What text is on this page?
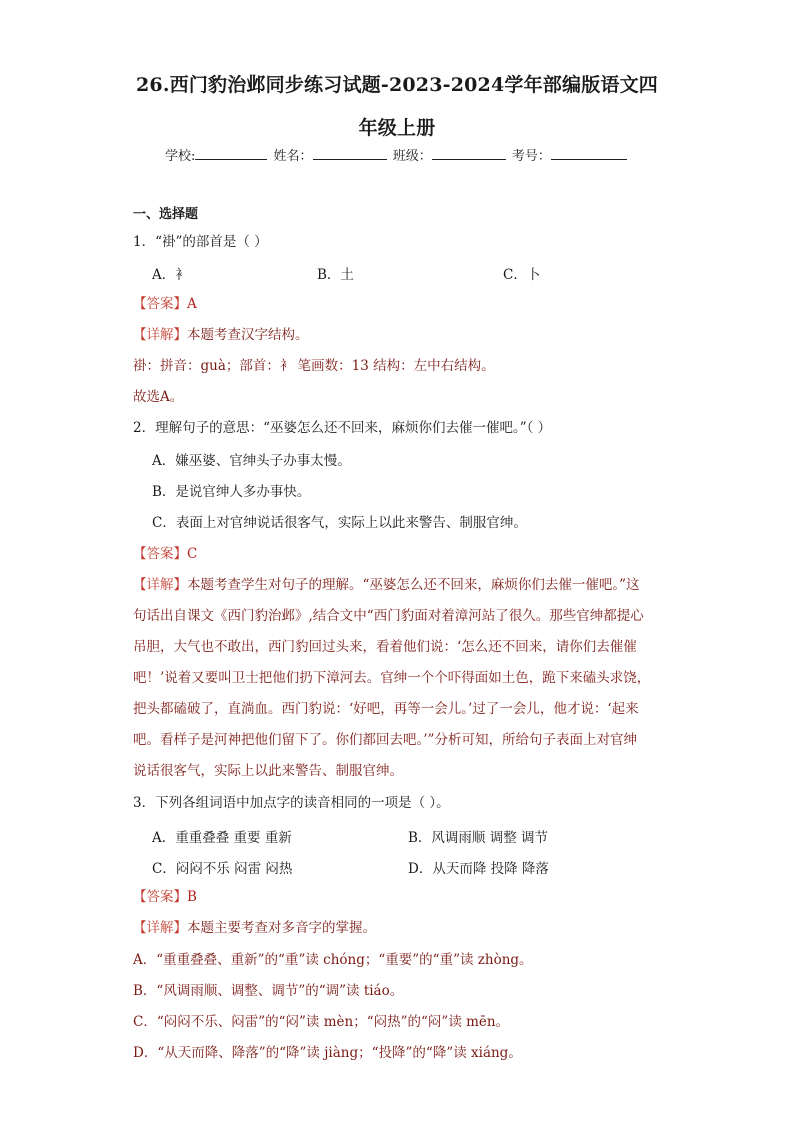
26.西门豹治邺同步练习试题-2023-2024学年部编版语文四
年级上册
学校:	姓名：	班级：	考号：
一、选择题
1．“褂”的部首是（ ）
A．衤	B．土	C．卜
【答案】A
【详解】本题考查汉字结构。
褂：拼音：guà；部首：衤 笔画数：13 结构：左中右结构。
故选A。
2．理解句子的意思：“巫婆怎么还不回来，麻烦你们去催一催吧。”（ ）
A．嫌巫婆、官绅头子办事太慢。
B．是说官绅人多办事快。
C．表面上对官绅说话很客气，实际上以此来警告、制服官绅。
【答案】C
【详解】本题考查学生对句子的理解。“巫婆怎么还不回来，麻烦你们去催一催吧。”这
句话出自课文《西门豹治邺》,结合文中“西门豹面对着漳河站了很久。那些官绅都提心
吊胆，大气也不敢出，西门豹回过头来，看着他们说：‘怎么还不回来，请你们去催催
吧！’说着又要叫卫士把他们扔下漳河去。官绅一个个吓得面如土色，跪下来磕头求饶，
把头都磕破了，直淌血。西门豹说：‘好吧，再等一会儿。’过了一会儿，他才说：‘起来
吧。看样子是河神把他们留下了。你们都回去吧。’”分析可知，所给句子表面上对官绅
说话很客气，实际上以此来警告、制服官绅。
3．下列各组词语中加点字的读音相同的一项是（ ）。
A．重重叠叠 重要 重新	B．风调雨顺 调整 调节
C．闷闷不乐 闷雷 闷热	D．从天而降 投降 降落
【答案】B
【详解】本题主要考查对多音字的掌握。
A．“重重叠叠、重新”的“重”读 chóng；“重要”的“重”读 zhòng。
B．“风调雨顺、调整、调节”的“调”读 tiáo。
C．“闷闷不乐、闷雷”的“闷”读 mèn；“闷热”的“闷”读 mēn。
D．“从天而降、降落”的“降”读 jiàng；“投降”的“降”读 xiáng。
